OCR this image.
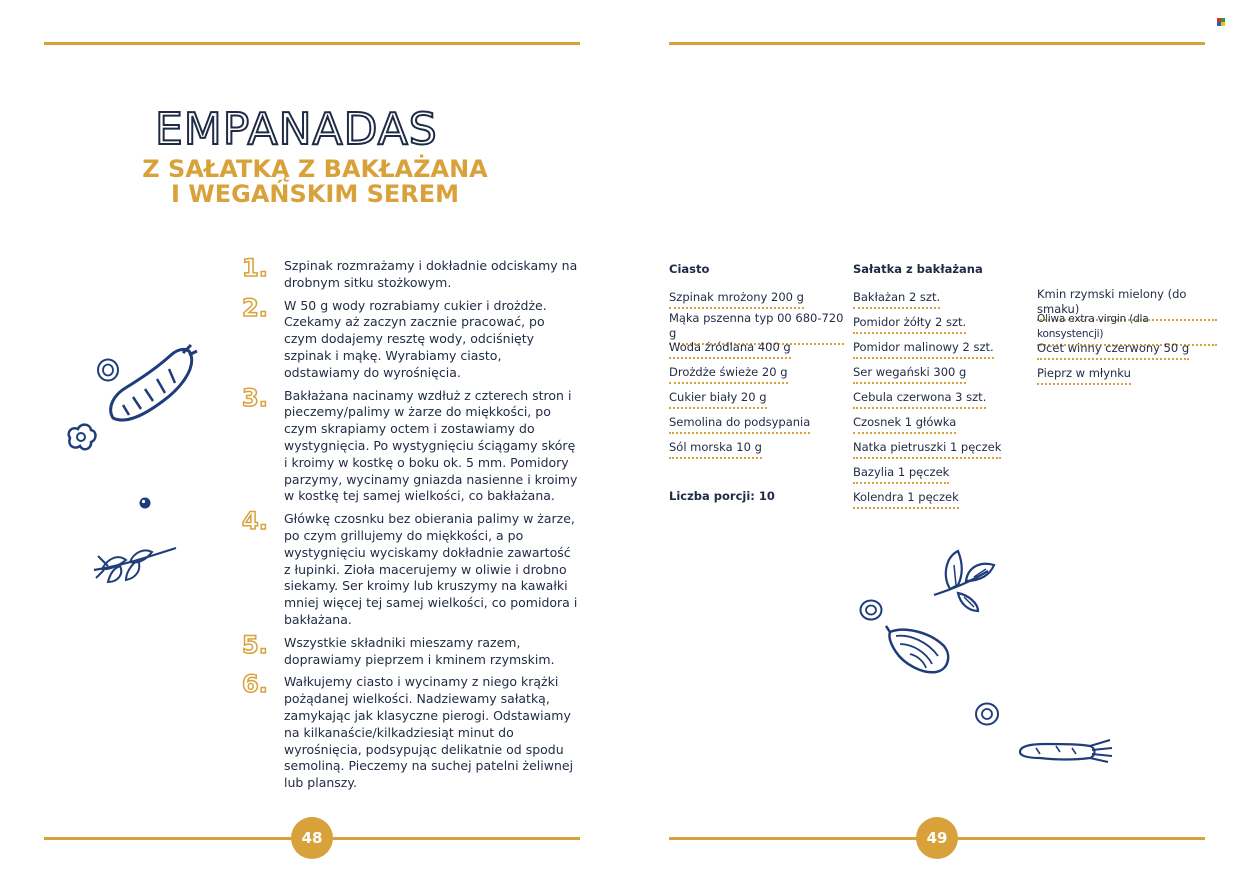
EMPANADAS
Z SAŁATKĄ Z BAKŁAŻANA
I WEGAŃSKIM SEREM
1. Szpinak rozmrażamy i dokładnie odciskamy na drobnym sitku stożkowym.
2. W 50 g wody rozrabiamy cukier i drożdże. Czekamy aż zaczyn zacznie pracować, po czym dodajemy resztę wody, odciśnięty szpinak i mąkę. Wyrabiamy ciasto, odstawiamy do wyrośnięcia.
3. Bakłażana nacinamy wzdłuż z czterech stron i pieczemy/palimy w żarze do miękkości, po czym skrapiamy octem i zostawiamy do wystygnięcia. Po wystygnięciu ściągamy skórę i kroimy w kostkę o boku ok. 5 mm. Pomidory parzymy, wycinamy gniazda nasienne i kroimy w kostkę tej samej wielkości, co bakłażana.
4. Główkę czosnku bez obierania palimy w żarze, po czym grillujemy do miękkości, a po wystygnięciu wyciskamy dokładnie zawartość z łupinki. Zioła macerujemy w oliwie i drobno siekamy. Ser kroimy lub kruszymy na kawałki mniej więcej tej samej wielkości, co pomidora i bakłażana.
5. Wszystkie składniki mieszamy razem, doprawiamy pieprzem i kminem rzymskim.
6. Wałkujemy ciasto i wycinamy z niego krążki pożądanej wielkości. Nadziewamy sałatką, zamykając jak klasyczne pierogi. Odstawiamy na kilkanaście/kilkadziesiąt minut do wyrośnięcia, podsypując delikatnie od spodu semoliną. Pieczemy na suchej patelni żeliwnej lub planszy.
Ciasto
Szpinak mrożony 200 g
Mąka pszenna typ 00 680-720 g
Woda źródlana 400 g
Drożdże świeże 20 g
Cukier biały 20 g
Semolina do podsypania
Sól morska 10 g
Liczba porcji: 10
Sałatka z bakłażana
Bakłażan 2 szt.
Pomidor żółty 2 szt.
Pomidor malinowy 2 szt.
Ser wegański 300 g
Cebula czerwona 3 szt.
Czosnek 1 główka
Natka pietruszki 1 pęczek
Bazylia 1 pęczek
Kolendra 1 pęczek
Kmin rzymski mielony (do smaku)
Oliwa extra virgin (dla konsystencji)
Ocet winny czerwony 50 g
Pieprz w młynku
48	49
